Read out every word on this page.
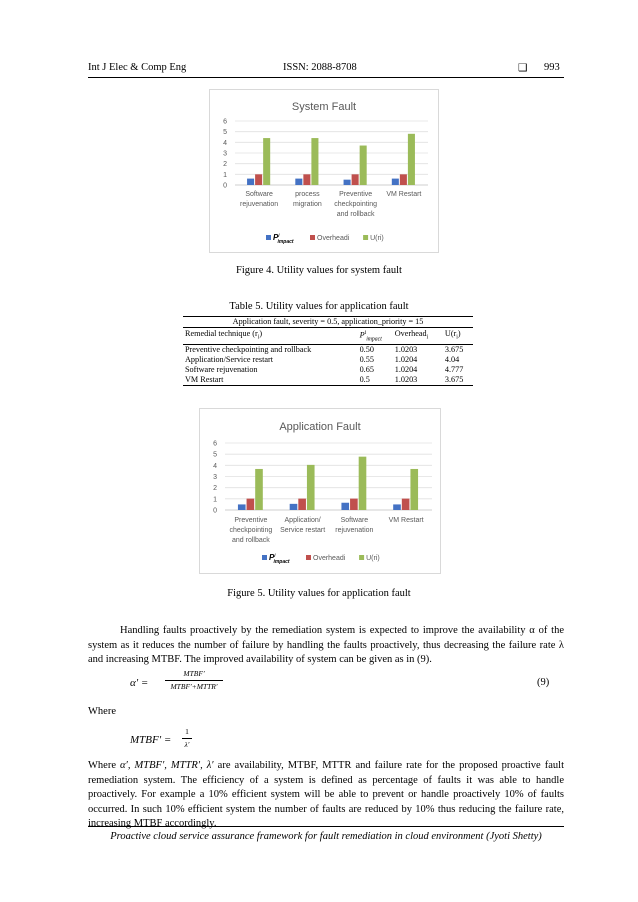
Int J Elec & Comp Eng	ISSN: 2088-8708	❑ 993
System Fault
0
1
2
3
4
5
6
Software
rejuvenation
process
migration
Preventive
checkpointing
and rollback
VM Restart
$P^i$ impact	Overheadi	U(ri)
Figure 4. Utility values for system fault
Table 5. Utility values for application fault
Application fault, severity = 0.5, application_priority = 15			
Remedial technique $(r_i)$	$P^i_{impact}$	Overhead$_i$	$U(r_i)$
Preventive checkpointing and rollback	0.50	1.0203	3.675
Application/Service restart	0.55	1.0204	4.04
Software rejuvenation	0.65	1.0204	4.777
VM Restart	0.5	1.0203	3.675
Application Fault
0
1
2
3
4
5
6
Preventive
checkpointing
and rollback
Application/
Service restart
Software
rejuvenation
VM Restart
$P^i$ impact	Overheadi	U(ri)
Figure 5. Utility values for application fault
Handling faults proactively by the remediation system is expected to improve the availability α of the system as it reduces the number of failure by handling the faults proactively, thus decreasing the failure rate λ and increasing MTBF. The improved availability of system can be given as in (9).
α′ =
MTBF′
MTBF′+MTTR′	(9)
Where
MTBF′ =
1
λ′
Where α′, MTBF′, MTTR′, λ′ are availability, MTBF, MTTR and failure rate for the proposed proactive fault
remediation system. The efficiency of a system is defined as percentage of faults it was able to handle proactively. For example a 10% efficient system will be able to prevent or handle proactively 10% of faults occurred. In such 10% efficient system the number of faults are reduced by 10% thus reducing the failure rate, increasing MTBF accordingly.
Proactive cloud service assurance framework for fault remediation in cloud environment (Jyoti Shetty)
